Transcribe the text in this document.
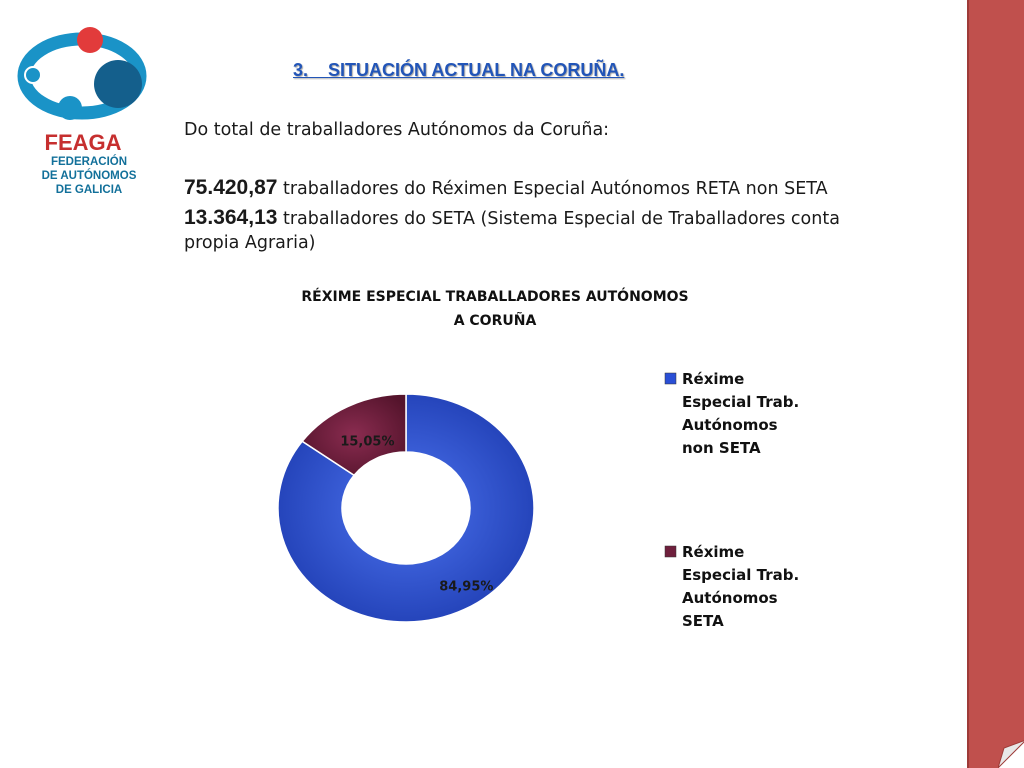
FEAGA
FEDERACIÓN
DE AUTÓNOMOS
DE GALICIA
3. SITUACIÓN ACTUAL NA CORUÑA.
Do total de traballadores Autónomos da Coruña:
75.420,87 traballadores do Réximen Especial Autónomos RETA non SETA
13.364,13 traballadores do SETA (Sistema Especial de Traballadores conta propia Agraria)
RÉXIME ESPECIAL TRABALLADORES AUTÓNOMOS
A CORUÑA
84,95%
15,05%
Réxime
Especial Trab.
Autónomos
non SETA
Réxime
Especial Trab.
Autónomos
SETA
